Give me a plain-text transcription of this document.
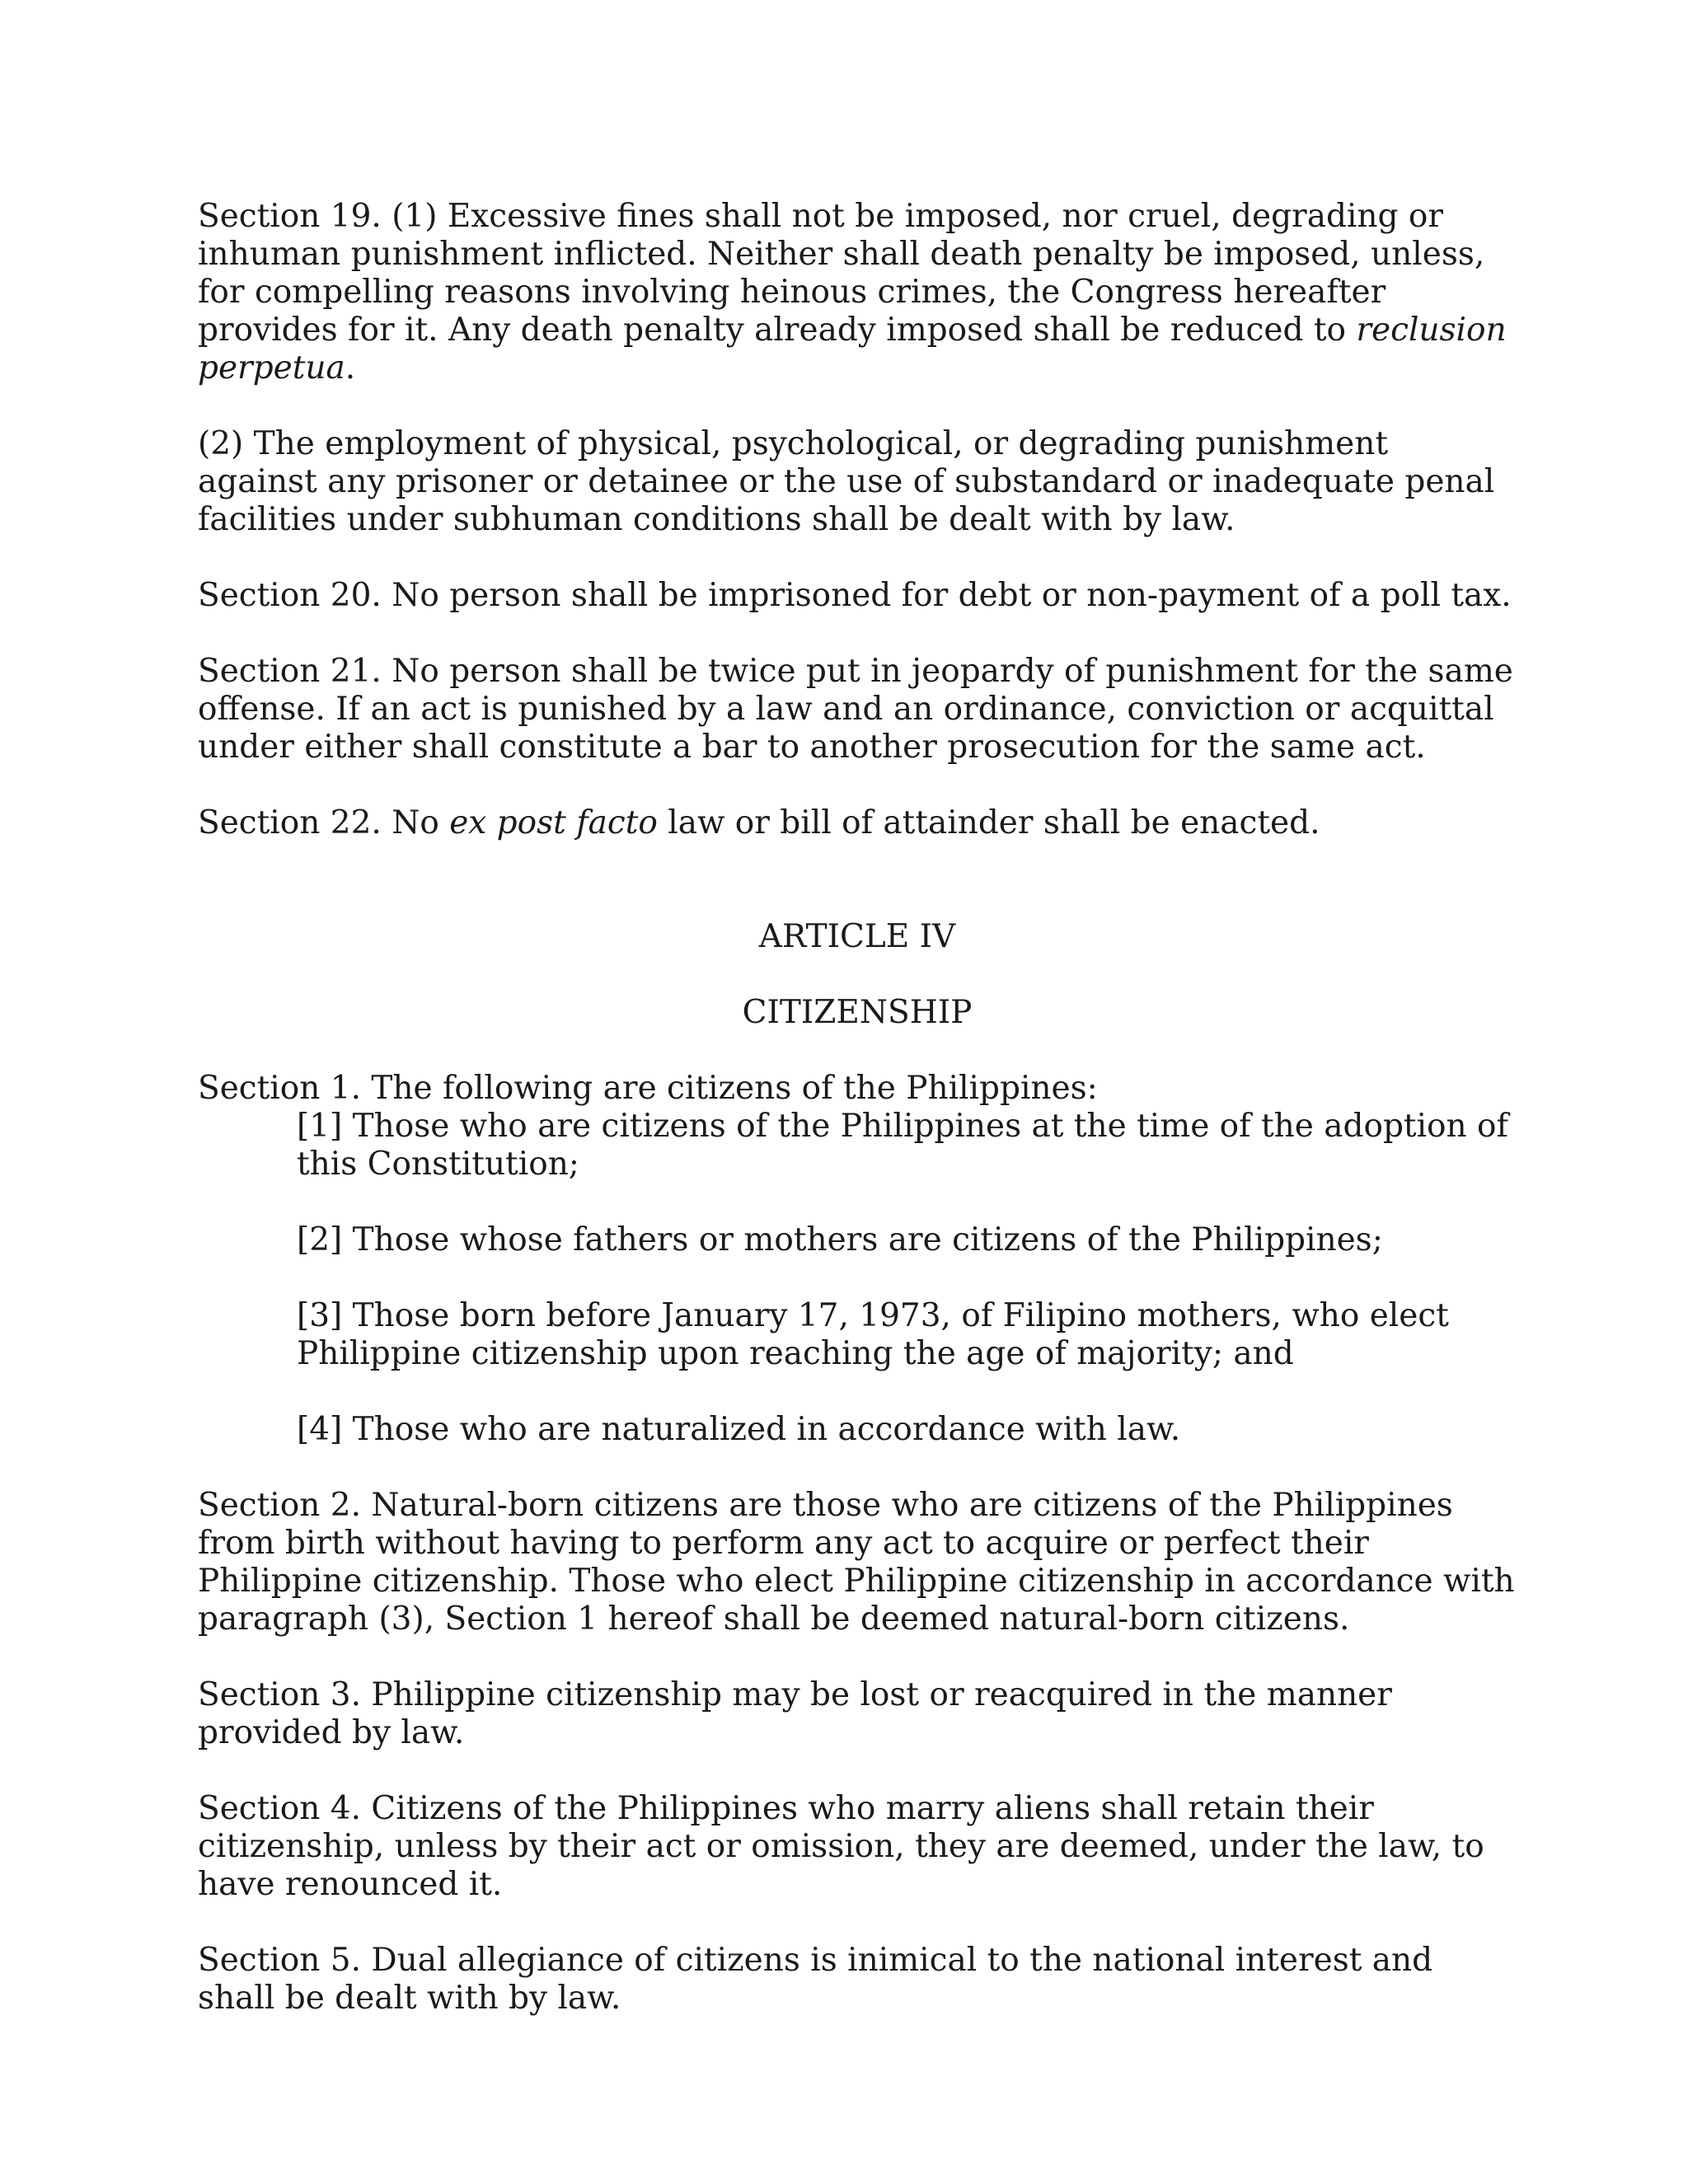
Section 19. (1) Excessive fines shall not be imposed, nor cruel, degrading or inhuman punishment inflicted. Neither shall death penalty be imposed, unless, for compelling reasons involving heinous crimes, the Congress hereafter provides for it. Any death penalty already imposed shall be reduced to reclusion perpetua.

(2) The employment of physical, psychological, or degrading punishment against any prisoner or detainee or the use of substandard or inadequate penal facilities under subhuman conditions shall be dealt with by law.

Section 20. No person shall be imprisoned for debt or non-payment of a poll tax.

Section 21. No person shall be twice put in jeopardy of punishment for the same offense. If an act is punished by a law and an ordinance, conviction or acquittal under either shall constitute a bar to another prosecution for the same act.

Section 22. No ex post facto law or bill of attainder shall be enacted.

ARTICLE IV

CITIZENSHIP

Section 1. The following are citizens of the Philippines:

[1] Those who are citizens of the Philippines at the time of the adoption of this Constitution;

[2] Those whose fathers or mothers are citizens of the Philippines;

[3] Those born before January 17, 1973, of Filipino mothers, who elect Philippine citizenship upon reaching the age of majority; and

[4] Those who are naturalized in accordance with law.

Section 2. Natural-born citizens are those who are citizens of the Philippines from birth without having to perform any act to acquire or perfect their Philippine citizenship. Those who elect Philippine citizenship in accordance with paragraph (3), Section 1 hereof shall be deemed natural-born citizens.

Section 3. Philippine citizenship may be lost or reacquired in the manner provided by law.

Section 4. Citizens of the Philippines who marry aliens shall retain their citizenship, unless by their act or omission, they are deemed, under the law, to have renounced it.

Section 5. Dual allegiance of citizens is inimical to the national interest and shall be dealt with by law.
